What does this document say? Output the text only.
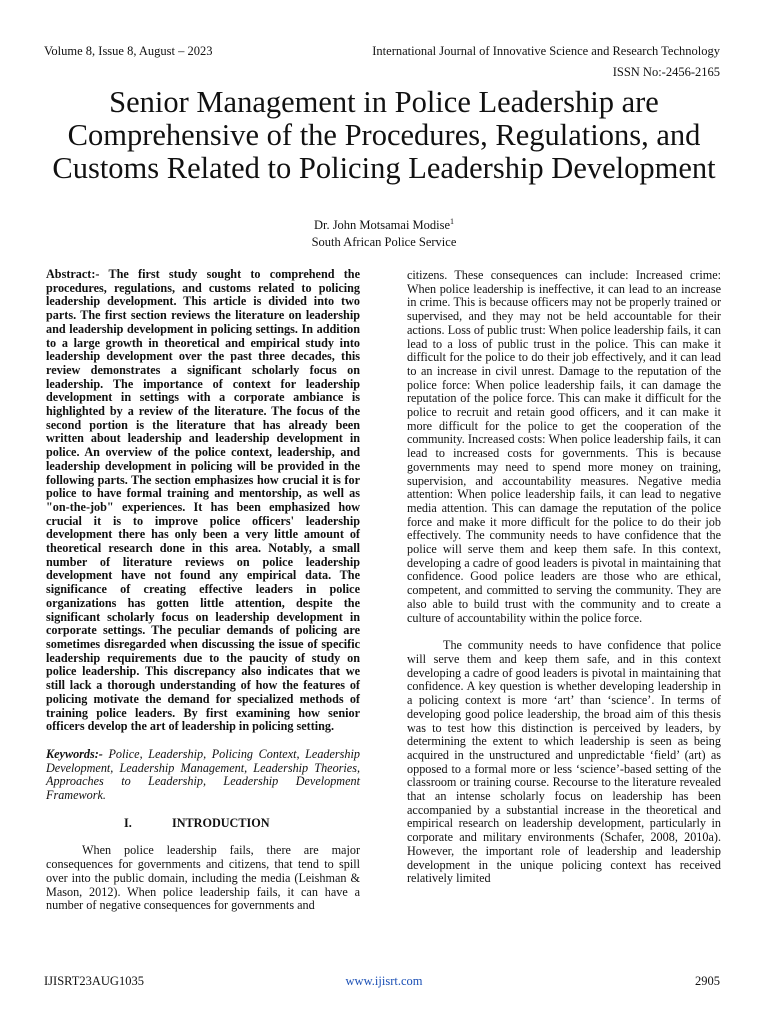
Volume 8, Issue 8, August – 2023	International Journal of Innovative Science and Research Technology
ISSN No:-2456-2165
Senior Management in Police Leadership are Comprehensive of the Procedures, Regulations, and Customs Related to Policing Leadership Development
Dr. John Motsamai Modise$^1$
South African Police Service

Abstract:- The first study sought to comprehend the procedures, regulations, and customs related to policing leadership development. This article is divided into two parts. The first section reviews the literature on leadership and leadership development in policing settings. In addition to a large growth in theoretical and empirical study into leadership development over the past three decades, this review demonstrates a significant scholarly focus on leadership. The importance of context for leadership development in settings with a corporate ambiance is highlighted by a review of the literature. The focus of the second portion is the literature that has already been written about leadership and leadership development in police. An overview of the police context, leadership, and leadership development in policing will be provided in the following parts. The section emphasizes how crucial it is for police to have formal training and mentorship, as well as "on-the-job" experiences. It has been emphasized how crucial it is to improve police officers' leadership development there has only been a very little amount of theoretical research done in this area. Notably, a small number of literature reviews on police leadership development have not found any empirical data. The significance of creating effective leaders in police organizations has gotten little attention, despite the significant scholarly focus on leadership development in corporate settings. The peculiar demands of policing are sometimes disregarded when discussing the issue of specific leadership requirements due to the paucity of study on police leadership. This discrepancy also indicates that we still lack a thorough understanding of how the features of policing motivate the demand for specialized methods of training police leaders. By first examining how senior officers develop the art of leadership in policing setting.

Keywords:- Police, Leadership, Policing Context, Leadership Development, Leadership Management, Leadership Theories, Approaches to Leadership, Leadership Development Framework.

I.	INTRODUCTION

When police leadership fails, there are major consequences for governments and citizens, that tend to spill over into the public domain, including the media (Leishman & Mason, 2012). When police leadership fails, it can have a number of negative consequences for governments and

citizens. These consequences can include: Increased crime: When police leadership is ineffective, it can lead to an increase in crime. This is because officers may not be properly trained or supervised, and they may not be held accountable for their actions. Loss of public trust: When police leadership fails, it can lead to a loss of public trust in the police. This can make it difficult for the police to do their job effectively, and it can lead to an increase in civil unrest. Damage to the reputation of the police force: When police leadership fails, it can damage the reputation of the police force. This can make it difficult for the police to recruit and retain good officers, and it can make it more difficult for the police to get the cooperation of the community. Increased costs: When police leadership fails, it can lead to increased costs for governments. This is because governments may need to spend more money on training, supervision, and accountability measures. Negative media attention: When police leadership fails, it can lead to negative media attention. This can damage the reputation of the police force and make it more difficult for the police to do their job effectively. The community needs to have confidence that the police will serve them and keep them safe. In this context, developing a cadre of good leaders is pivotal in maintaining that confidence. Good police leaders are those who are ethical, competent, and committed to serving the community. They are also able to build trust with the community and to create a culture of accountability within the police force.

The community needs to have confidence that police will serve them and keep them safe, and in this context developing a cadre of good leaders is pivotal in maintaining that confidence. A key question is whether developing leadership in a policing context is more ‘art’ than ‘science’. In terms of developing good police leadership, the broad aim of this thesis was to test how this distinction is perceived by leaders, by determining the extent to which leadership is seen as being acquired in the unstructured and unpredictable ‘field’ (art) as opposed to a formal more or less ‘science’-based setting of the classroom or training course. Recourse to the literature revealed that an intense scholarly focus on leadership has been accompanied by a substantial increase in the theoretical and empirical research on leadership development, particularly in corporate and military environments (Schafer, 2008, 2010a). However, the important role of leadership and leadership development in the unique policing context has received relatively limited

IJISRT23AUG1035	www.ijisrt.com	2905
